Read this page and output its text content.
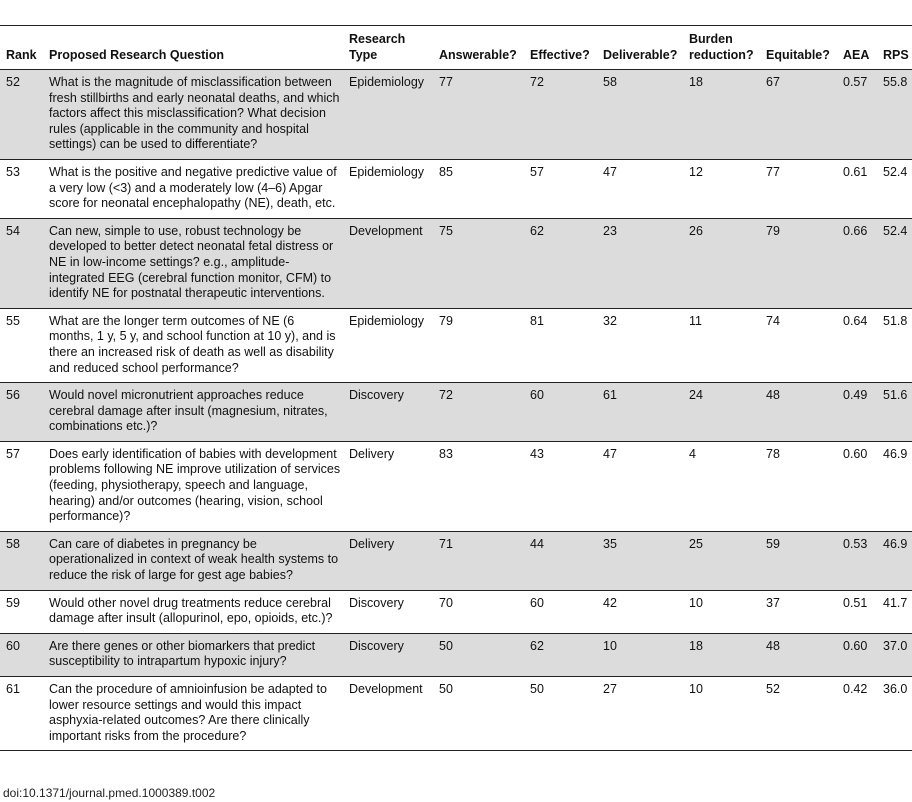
Rank	Proposed Research Question	Research Type	Answerable?	Effective?	Deliverable?	Burden reduction?	Equitable?	AEA	RPS
52	What is the magnitude of misclassification between fresh stillbirths and early neonatal deaths, and which factors affect this misclassification? What decision rules (applicable in the community and hospital settings) can be used to differentiate?	Epidemiology	77	72	58	18	67	0.57	55.8
53	What is the positive and negative predictive value of a very low (<3) and a moderately low (4–6) Apgar score for neonatal encephalopathy (NE), death, etc.	Epidemiology	85	57	47	12	77	0.61	52.4
54	Can new, simple to use, robust technology be developed to better detect neonatal fetal distress or NE in low-income settings? e.g., amplitude-integrated EEG (cerebral function monitor, CFM) to identify NE for postnatal therapeutic interventions.	Development	75	62	23	26	79	0.66	52.4
55	What are the longer term outcomes of NE (6 months, 1 y, 5 y, and school function at 10 y), and is there an increased risk of death as well as disability and reduced school performance?	Epidemiology	79	81	32	11	74	0.64	51.8
56	Would novel micronutrient approaches reduce cerebral damage after insult (magnesium, nitrates, combinations etc.)?	Discovery	72	60	61	24	48	0.49	51.6
57	Does early identification of babies with development problems following NE improve utilization of services (feeding, physiotherapy, speech and language, hearing) and/or outcomes (hearing, vision, school performance)?	Delivery	83	43	47	4	78	0.60	46.9
58	Can care of diabetes in pregnancy be operationalized in context of weak health systems to reduce the risk of large for gest age babies?	Delivery	71	44	35	25	59	0.53	46.9
59	Would other novel drug treatments reduce cerebral damage after insult (allopurinol, epo, opioids, etc.)?	Discovery	70	60	42	10	37	0.51	41.7
60	Are there genes or other biomarkers that predict susceptibility to intrapartum hypoxic injury?	Discovery	50	62	10	18	48	0.60	37.0
61	Can the procedure of amnioinfusion be adapted to lower resource settings and would this impact asphyxia-related outcomes? Are there clinically important risks from the procedure?	Development	50	50	27	10	52	0.42	36.0
doi:10.1371/journal.pmed.1000389.t002
